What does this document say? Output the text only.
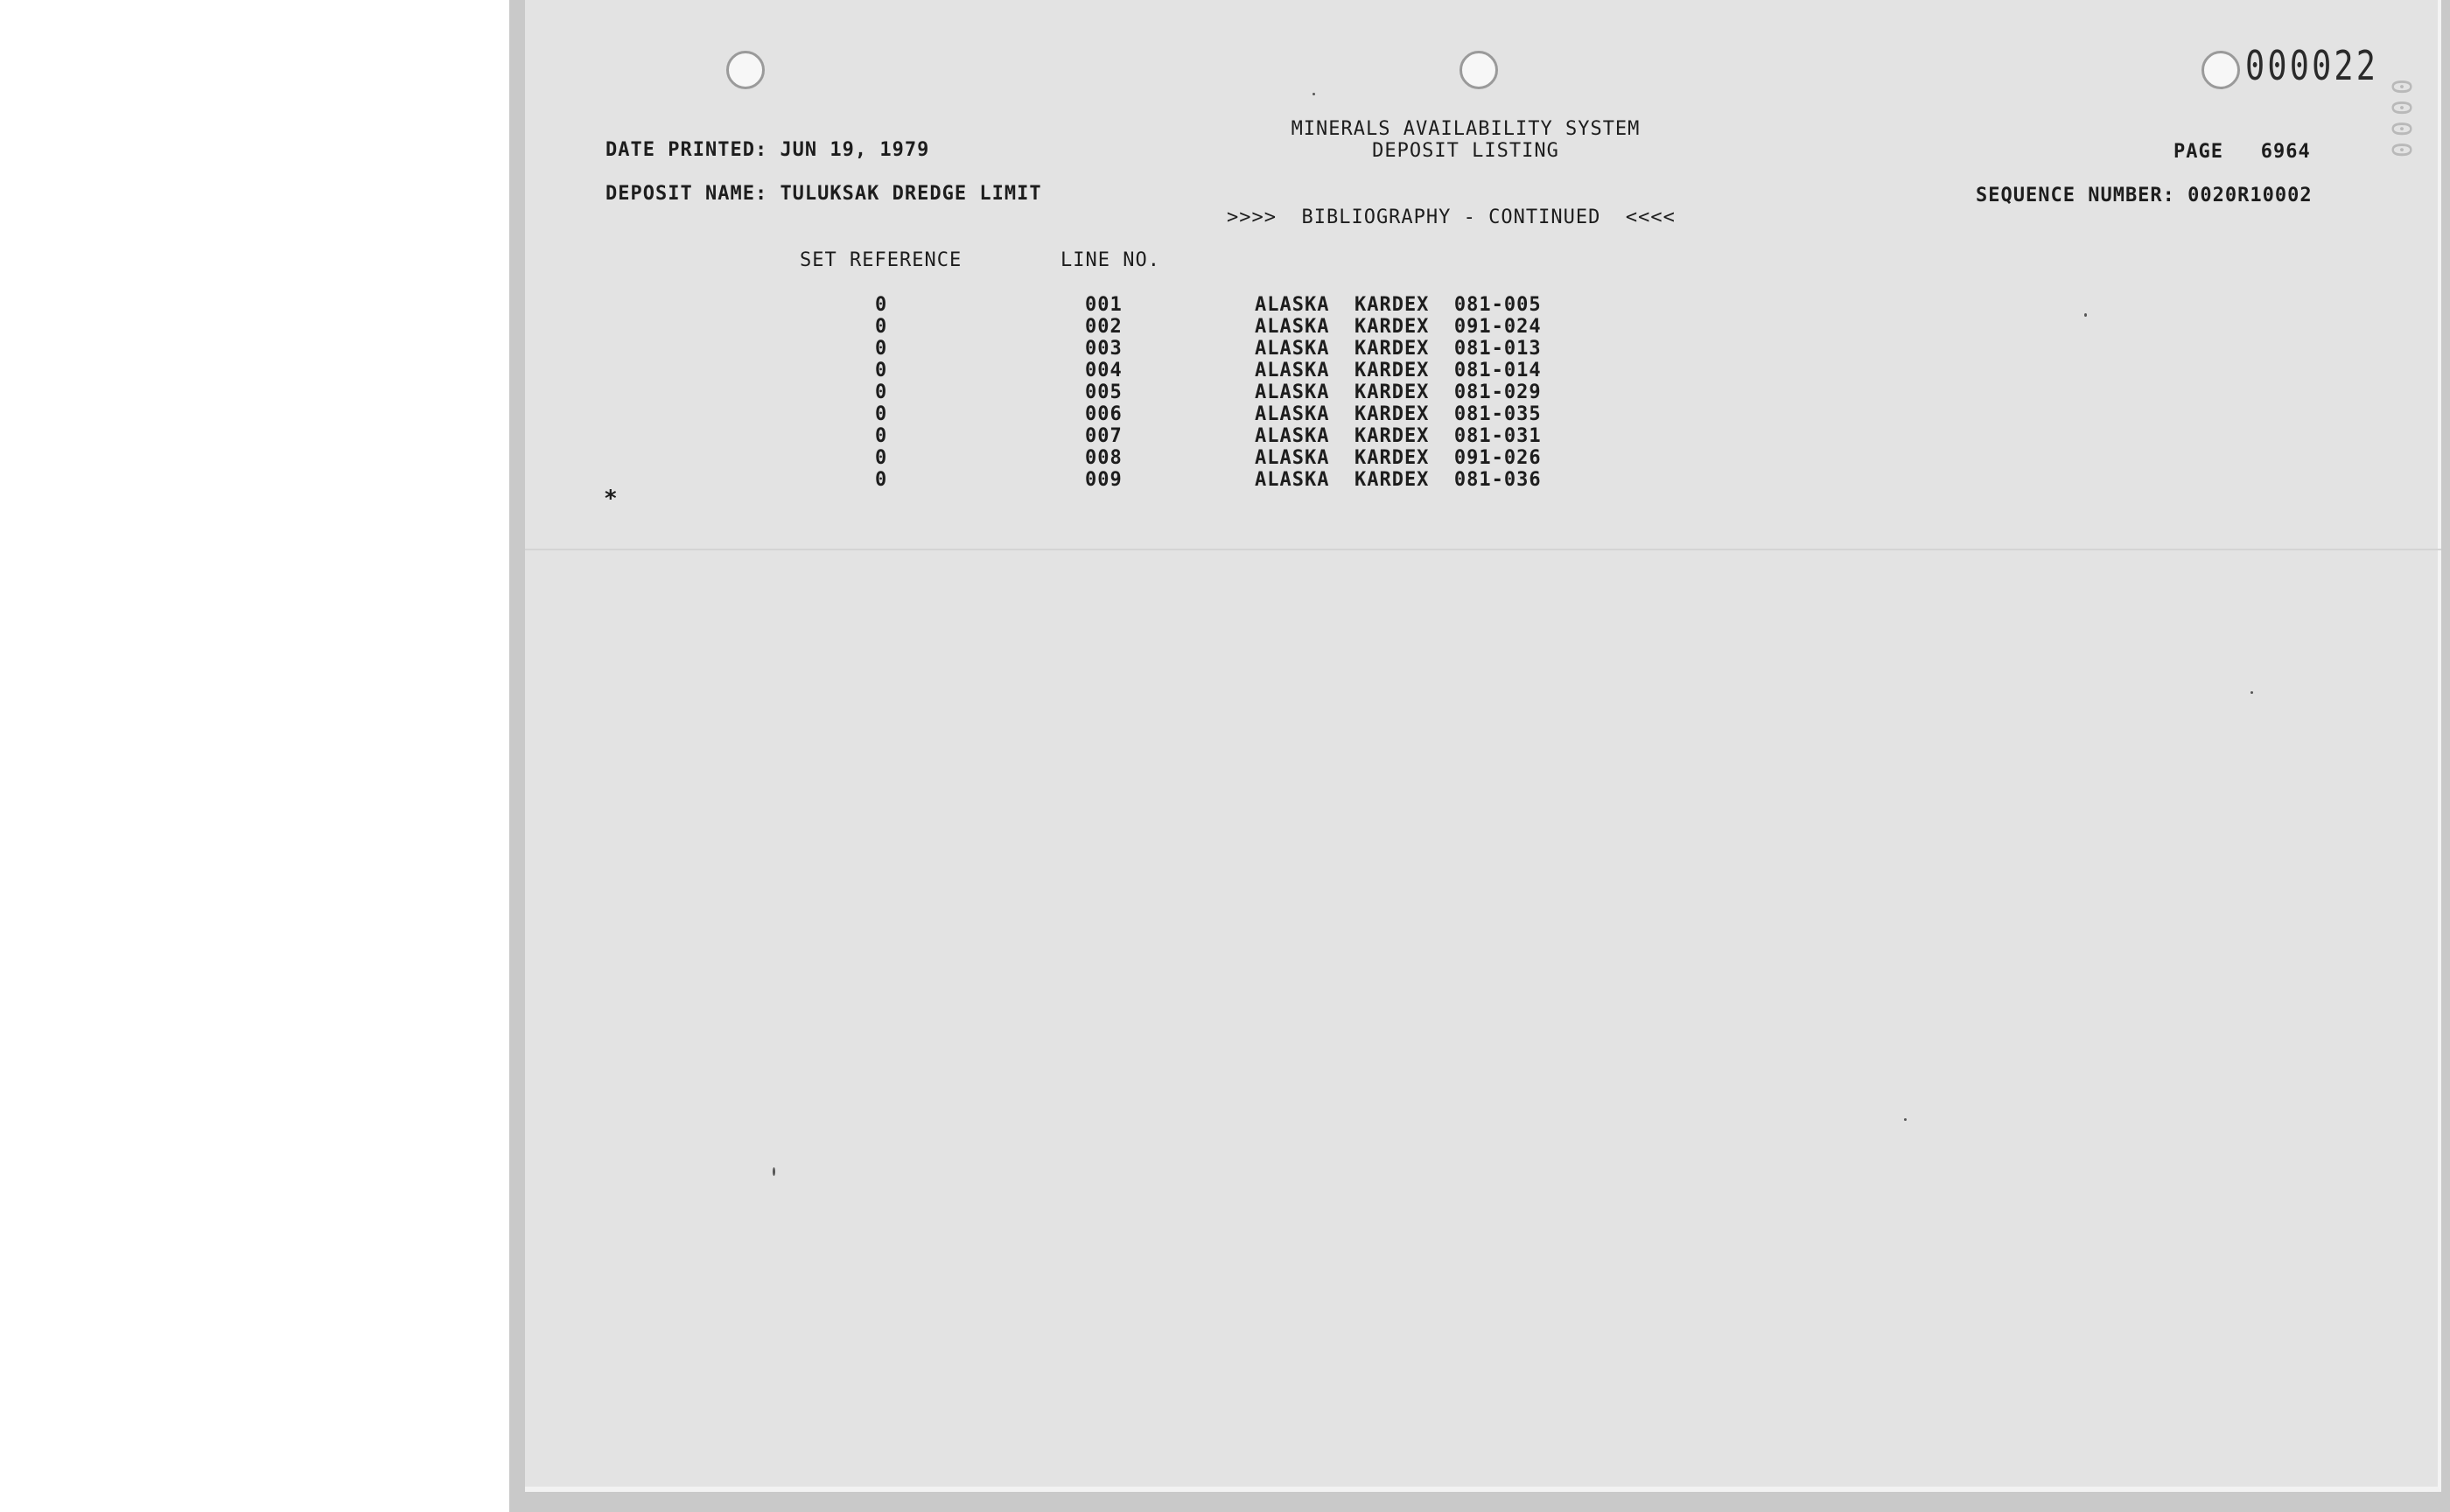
000022
0000
DATE PRINTED: JUN 19, 1979
MINERALS AVAILABILITY SYSTEM
DEPOSIT LISTING	PAGE 6964
DEPOSIT NAME: TULUKSAK DREDGE LIMIT
>>>>  BIBLIOGRAPHY - CONTINUED  <<<<
SEQUENCE NUMBER: 0020R10002
SET REFERENCE	LINE NO.
0	001	ALASKA  KARDEX  081-005
0	002	ALASKA  KARDEX  091-024
0	003	ALASKA  KARDEX  081-013
0	004	ALASKA  KARDEX  081-014
0	005	ALASKA  KARDEX  081-029
0	006	ALASKA  KARDEX  081-035
0	007	ALASKA  KARDEX  081-031
0	008	ALASKA  KARDEX  091-026
0	009	ALASKA  KARDEX  081-036
*
